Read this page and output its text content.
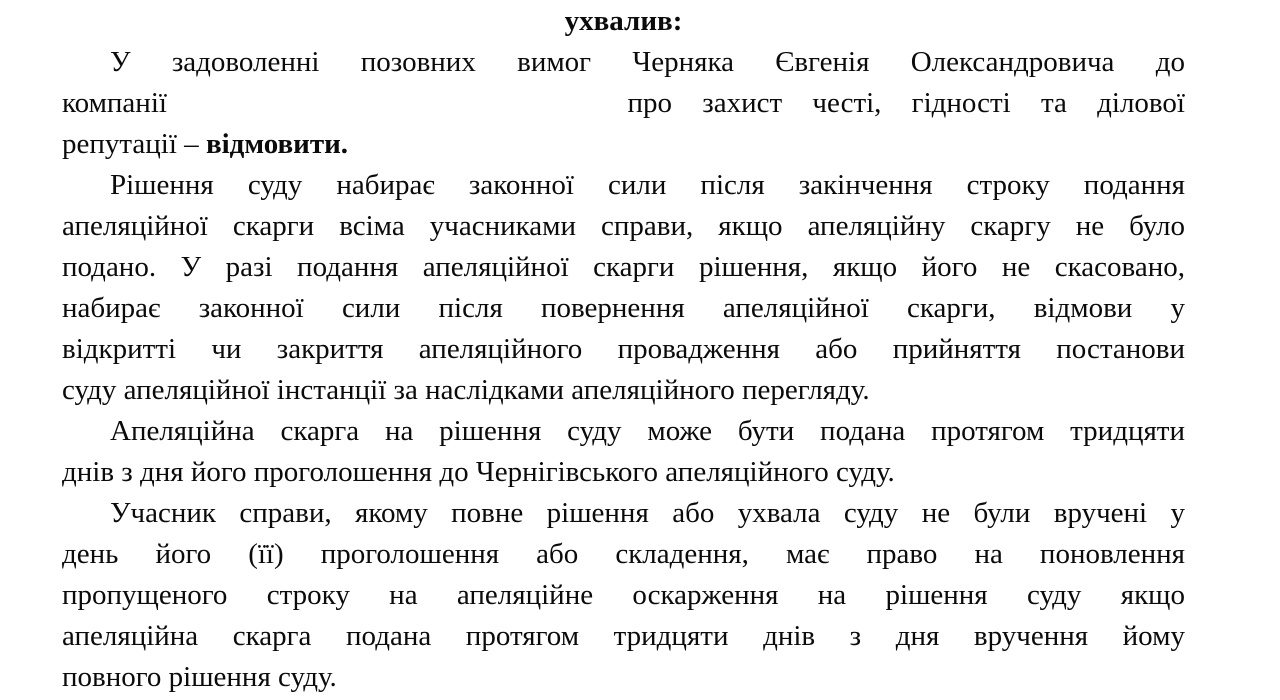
ухвалив:
У задоволенні позовних вимог Черняка Євгенія Олександровича до
компанії	про захист честі, гідності та ділової
репутації – відмовити.
Рішення суду набирає законної сили після закінчення строку подання
апеляційної скарги всіма учасниками справи, якщо апеляційну скаргу не було
подано. У разі подання апеляційної скарги рішення, якщо його не скасовано,
набирає законної сили після повернення апеляційної скарги, відмови у
відкритті чи закриття апеляційного провадження або прийняття постанови
суду апеляційної інстанції за наслідками апеляційного перегляду.
Апеляційна скарга на рішення суду може бути подана протягом тридцяти
днів з дня його проголошення до Чернігівського апеляційного суду.
Учасник справи, якому повне рішення або ухвала суду не були вручені у
день його (її) проголошення або складення, має право на поновлення
пропущеного строку на апеляційне оскарження на рішення суду якщо
апеляційна скарга подана протягом тридцяти днів з дня вручення йому
повного рішення суду.
